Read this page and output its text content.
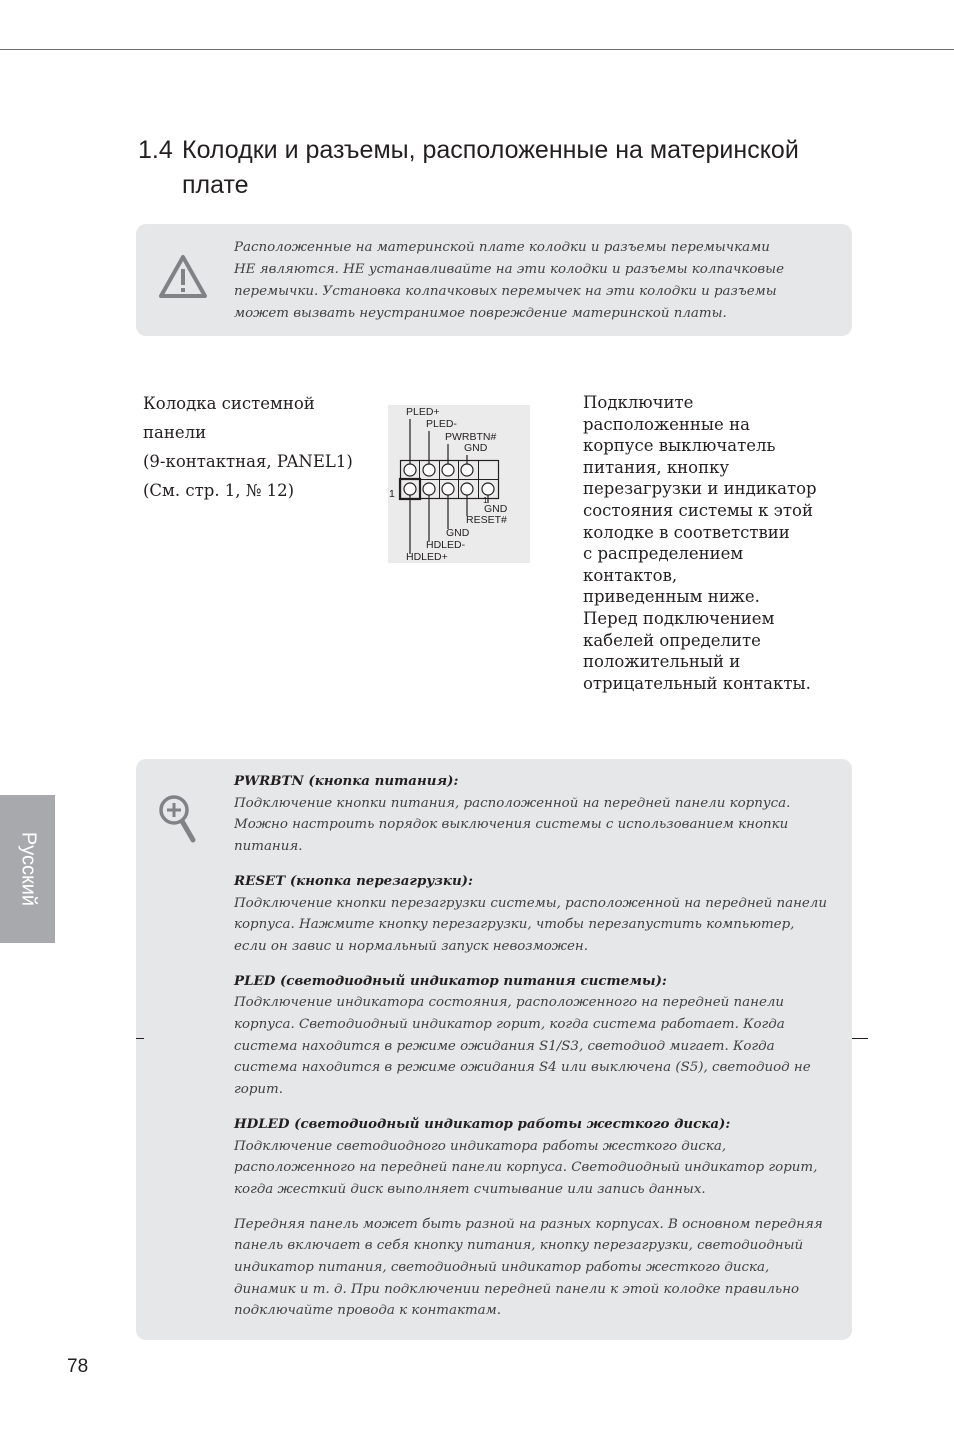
1.4 Колодки и разъемы, расположенные на материнской плате
Расположенные на материнской плате колодки и разъемы перемычками
НЕ являются. НЕ устанавливайте на эти колодки и разъемы колпачковые
перемычки. Установка колпачковых перемычек на эти колодки и разъемы
может вызвать неустранимое повреждение материнской платы.
Колодка системной
панели
(9-контактная, PANEL1)
(См. стр. 1, № 12)
PLED+
PLED-
PWRBTN#
GND
1
1
GND
RESET#
GND
HDLED-
HDLED+
Подключите
расположенные на
корпусе выключатель
питания, кнопку
перезагрузки и индикатор
состояния системы к этой
колодке в соответствии
с распределением
контактов,
приведенным ниже.
Перед подключением
кабелей определите
положительный и
отрицательный контакты.
PWRBTN (кнопка питания):
Подключение кнопки питания, расположенной на передней панели корпуса.
Можно настроить порядок выключения системы с использованием кнопки
питания.
RESET (кнопка перезагрузки):
Подключение кнопки перезагрузки системы, расположенной на передней панели
корпуса. Нажмите кнопку перезагрузки, чтобы перезапустить компьютер,
если он завис и нормальный запуск невозможен.
PLED (светодиодный индикатор питания системы):
Подключение индикатора состояния, расположенного на передней панели
корпуса. Светодиодный индикатор горит, когда система работает. Когда
система находится в режиме ожидания S1/S3, светодиод мигает. Когда
система находится в режиме ожидания S4 или выключена (S5), светодиод не
горит.
HDLED (светодиодный индикатор работы жесткого диска):
Подключение светодиодного индикатора работы жесткого диска,
расположенного на передней панели корпуса. Светодиодный индикатор горит,
когда жесткий диск выполняет считывание или запись данных.
Передняя панель может быть разной на разных корпусах. В основном передняя
панель включает в себя кнопку питания, кнопку перезагрузки, светодиодный
индикатор питания, светодиодный индикатор работы жесткого диска,
динамик и т. д. При подключении передней панели к этой колодке правильно
подключайте провода к контактам.
Русский
78
